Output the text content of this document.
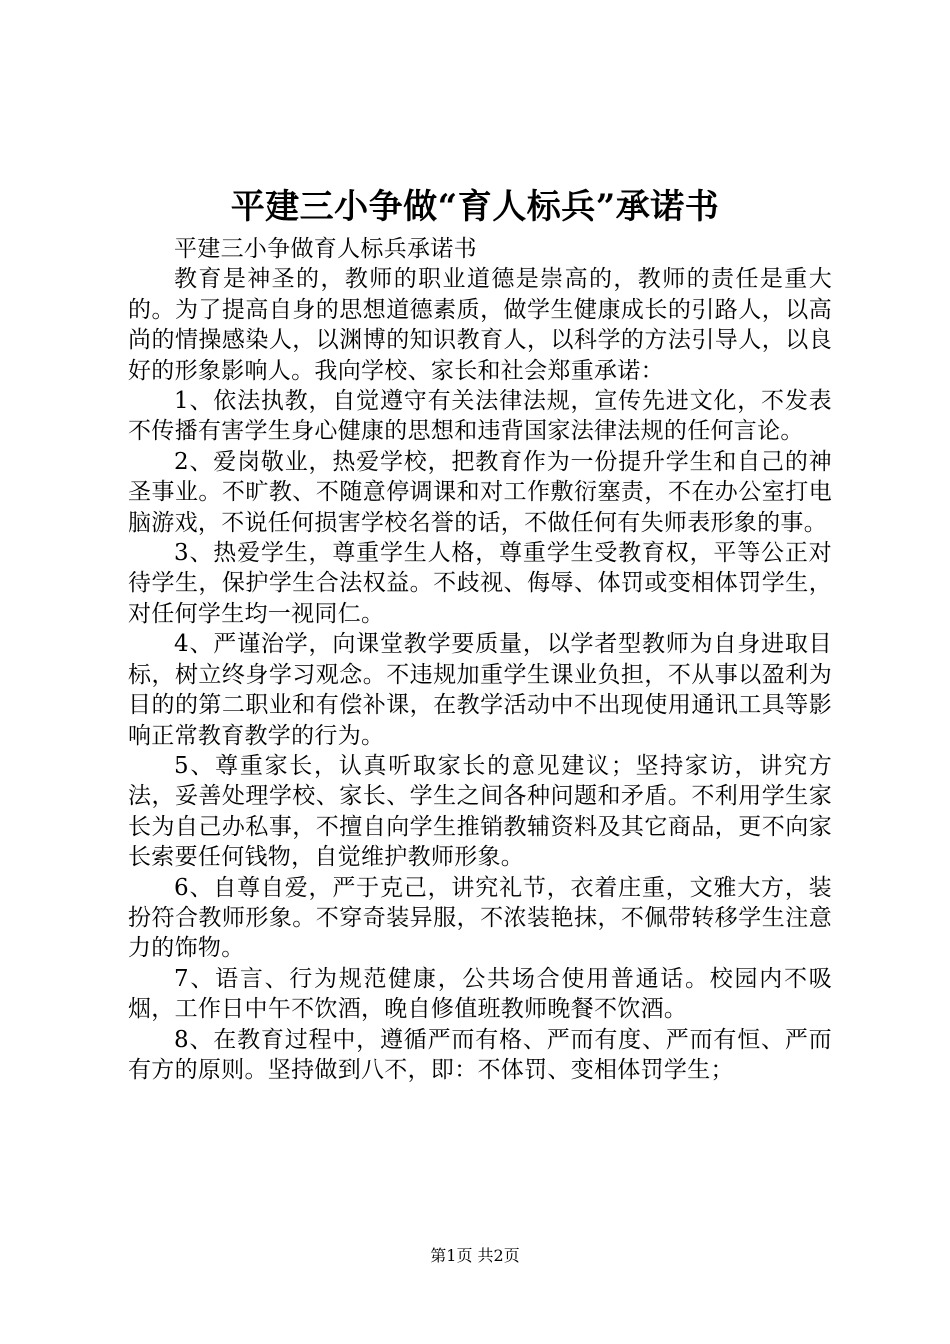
平建三小争做“育人标兵”承诺书

平建三小争做育人标兵承诺书

教育是神圣的，教师的职业道德是崇高的，教师的责任是重大的。为了提高自身的思想道德素质，做学生健康成长的引路人，以高尚的情操感染人，以渊博的知识教育人，以科学的方法引导人，以良好的形象影响人。我向学校、家长和社会郑重承诺：

1、依法执教，自觉遵守有关法律法规，宣传先进文化，不发表不传播有害学生身心健康的思想和违背国家法律法规的任何言论。

2、爱岗敬业，热爱学校，把教育作为一份提升学生和自己的神圣事业。不旷教、不随意停调课和对工作敷衍塞责，不在办公室打电脑游戏，不说任何损害学校名誉的话，不做任何有失师表形象的事。

3、热爱学生，尊重学生人格，尊重学生受教育权，平等公正对待学生，保护学生合法权益。不歧视、侮辱、体罚或变相体罚学生，对任何学生均一视同仁。

4、严谨治学，向课堂教学要质量，以学者型教师为自身进取目标，树立终身学习观念。不违规加重学生课业负担，不从事以盈利为目的的第二职业和有偿补课，在教学活动中不出现使用通讯工具等影响正常教育教学的行为。

5、尊重家长，认真听取家长的意见建议；坚持家访，讲究方法，妥善处理学校、家长、学生之间各种问题和矛盾。不利用学生家长为自己办私事，不擅自向学生推销教辅资料及其它商品，更不向家长索要任何钱物，自觉维护教师形象。

6、自尊自爱，严于克己，讲究礼节，衣着庄重，文雅大方，装扮符合教师形象。不穿奇装异服，不浓装艳抹，不佩带转移学生注意力的饰物。

7、语言、行为规范健康，公共场合使用普通话。校园内不吸烟，工作日中午不饮酒，晚自修值班教师晚餐不饮酒。

8、在教育过程中，遵循严而有格、严而有度、严而有恒、严而有方的原则。坚持做到八不，即：不体罚、变相体罚学生；

第1页 共2页
